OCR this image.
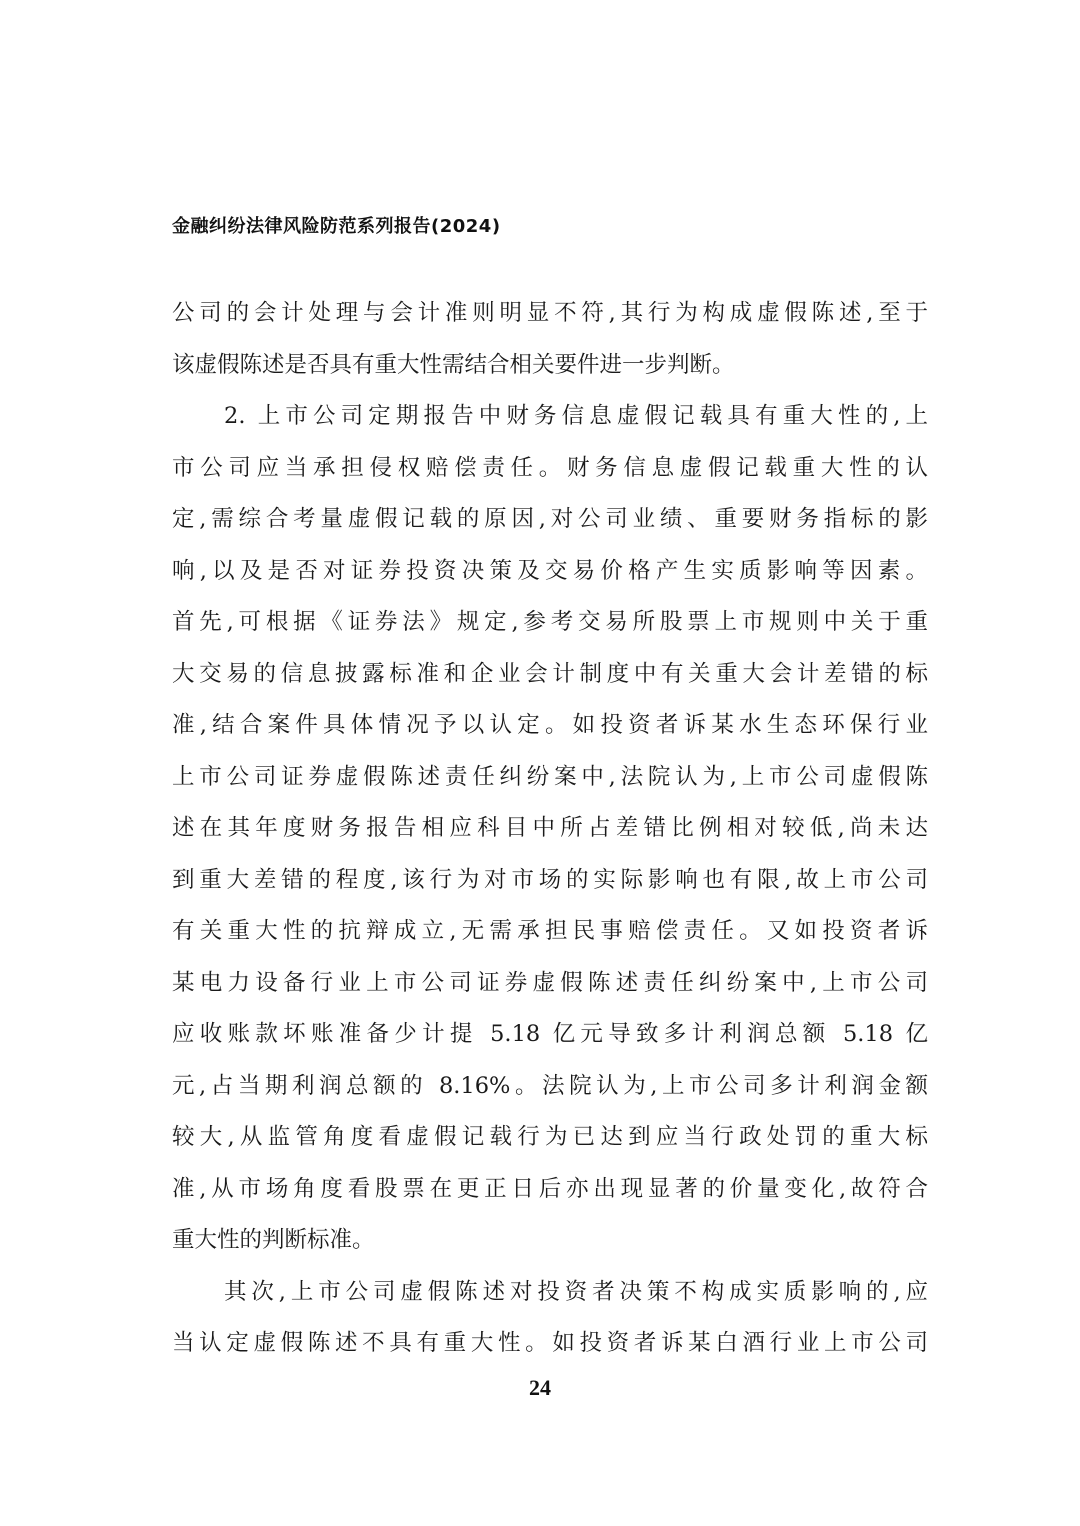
金融纠纷法律风险防范系列报告(2024)
公司的会计处理与会计准则明显不符,其行为构成虚假陈述,至于
该虚假陈述是否具有重大性需结合相关要件进一步判断。
2. 上市公司定期报告中财务信息虚假记载具有重大性的,上
市公司应当承担侵权赔偿责任。财务信息虚假记载重大性的认
定,需综合考量虚假记载的原因,对公司业绩、重要财务指标的影
响,以及是否对证券投资决策及交易价格产生实质影响等因素。
首先,可根据《证券法》规定,参考交易所股票上市规则中关于重
大交易的信息披露标准和企业会计制度中有关重大会计差错的标
准,结合案件具体情况予以认定。如投资者诉某水生态环保行业
上市公司证券虚假陈述责任纠纷案中,法院认为,上市公司虚假陈
述在其年度财务报告相应科目中所占差错比例相对较低,尚未达
到重大差错的程度,该行为对市场的实际影响也有限,故上市公司
有关重大性的抗辩成立,无需承担民事赔偿责任。又如投资者诉
某电力设备行业上市公司证券虚假陈述责任纠纷案中,上市公司
应收账款坏账准备少计提 5.18 亿元导致多计利润总额 5.18 亿
元,占当期利润总额的 8.16%。法院认为,上市公司多计利润金额
较大,从监管角度看虚假记载行为已达到应当行政处罚的重大标
准,从市场角度看股票在更正日后亦出现显著的价量变化,故符合
重大性的判断标准。
其次,上市公司虚假陈述对投资者决策不构成实质影响的,应
当认定虚假陈述不具有重大性。如投资者诉某白酒行业上市公司
24
